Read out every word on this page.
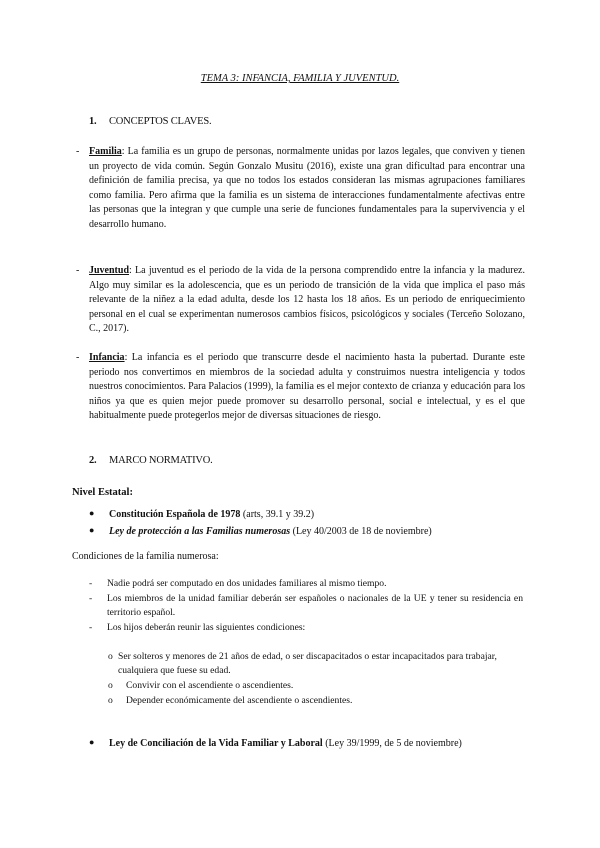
TEMA 3: INFANCIA, FAMILIA Y JUVENTUD.
1. CONCEPTOS CLAVES.
- Familia: La familia es un grupo de personas, normalmente unidas por lazos legales, que conviven y tienen un proyecto de vida común. Según Gonzalo Musitu (2016), existe una gran dificultad para encontrar una definición de familia precisa, ya que no todos los estados consideran las mismas agrupaciones familiares como familia. Pero afirma que la familia es un sistema de interacciones fundamentalmente afectivas entre las personas que la integran y que cumple una serie de funciones fundamentales para la supervivencia y el desarrollo humano.
- Juventud: La juventud es el periodo de la vida de la persona comprendido entre la infancia y la madurez. Algo muy similar es la adolescencia, que es un periodo de transición de la vida que implica el paso más relevante de la niñez a la edad adulta, desde los 12 hasta los 18 años. Es un periodo de enriquecimiento personal en el cual se experimentan numerosos cambios físicos, psicológicos y sociales (Terceño Solozano, C., 2017).
- Infancia: La infancia es el periodo que transcurre desde el nacimiento hasta la pubertad. Durante este periodo nos convertimos en miembros de la sociedad adulta y construimos nuestra inteligencia y todos nuestros conocimientos. Para Palacios (1999), la familia es el mejor contexto de crianza y educación para los niños ya que es quien mejor puede promover su desarrollo personal, social e intelectual, y es el que habitualmente puede protegerlos mejor de diversas situaciones de riesgo.
2. MARCO NORMATIVO.
Nivel Estatal:
● Constitución Española de 1978 (arts, 39.1 y 39.2)
● Ley de protección a las Familias numerosas (Ley 40/2003 de 18 de noviembre)
Condiciones de la familia numerosa:
- Nadie podrá ser computado en dos unidades familiares al mismo tiempo.
- Los miembros de la unidad familiar deberán ser españoles o nacionales de la UE y tener su residencia en territorio español.
- Los hijos deberán reunir las siguientes condiciones:
o Ser solteros y menores de 21 años de edad, o ser discapacitados o estar incapacitados para trabajar, cualquiera que fuese su edad.
o Convivir con el ascendiente o ascendientes.
o Depender económicamente del ascendiente o ascendientes.
● Ley de Conciliación de la Vida Familiar y Laboral (Ley 39/1999, de 5 de noviembre)
